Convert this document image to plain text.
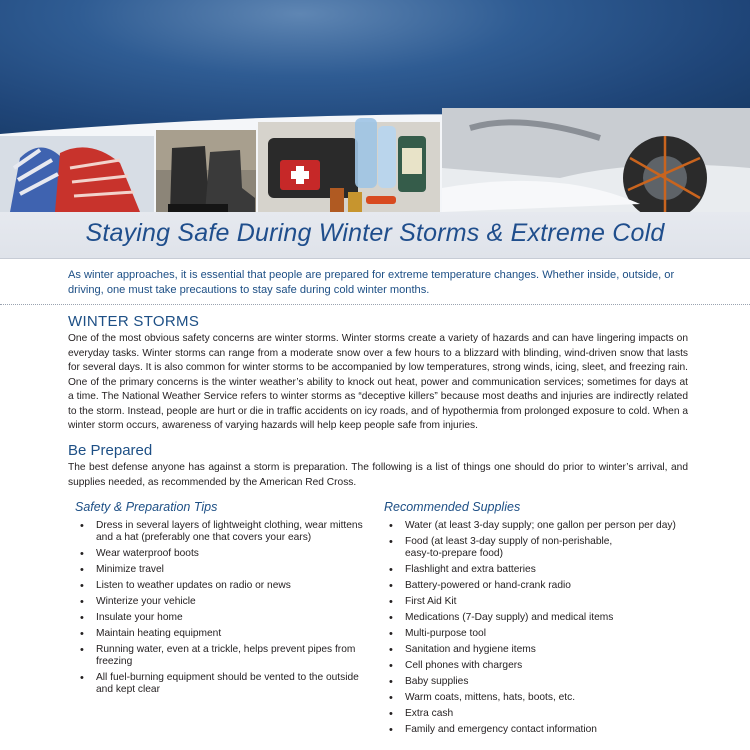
Staying Safe During Winter Storms & Extreme Cold
As winter approaches, it is essential that people are prepared for extreme temperature changes. Whether inside, outside, or driving, one must take precautions to stay safe during cold winter months.
WINTER STORMS
One of the most obvious safety concerns are winter storms. Winter storms create a variety of hazards and can have lingering impacts on everyday tasks. Winter storms can range from a moderate snow over a few hours to a blizzard with blinding, wind-driven snow that lasts for several days. It is also common for winter storms to be accompanied by low temperatures, strong winds, icing, sleet, and freezing rain. One of the primary concerns is the winter weather’s ability to knock out heat, power and communication services; sometimes for days at a time. The National Weather Service refers to winter storms as “deceptive killers” because most deaths and injuries are indirectly related to the storm. Instead, people are hurt or die in traffic accidents on icy roads, and of hypothermia from prolonged exposure to cold. When a winter storm occurs, awareness of varying hazards will help keep people safe from injuries.
Be Prepared
The best defense anyone has against a storm is preparation. The following is a list of things one should do prior to winter’s arrival, and supplies needed, as recommended by the American Red Cross.
Safety & Preparation Tips
• Dress in several layers of lightweight clothing, wear mittens and a hat (preferably one that covers your ears)
• Wear waterproof boots
• Minimize travel
• Listen to weather updates on radio or news
• Winterize your vehicle
• Insulate your home
• Maintain heating equipment
• Running water, even at a trickle, helps prevent pipes from freezing
• All fuel-burning equipment should be vented to the outside and kept clear
Recommended Supplies
• Water (at least 3-day supply; one gallon per person per day)
• Food (at least 3-day supply of non-perishable, easy-to-prepare food)
• Flashlight and extra batteries
• Battery-powered or hand-crank radio
• First Aid Kit
• Medications (7-Day supply) and medical items
• Multi-purpose tool
• Sanitation and hygiene items
• Cell phones with chargers
• Baby supplies
• Warm coats, mittens, hats, boots, etc.
• Extra cash
• Family and emergency contact information
